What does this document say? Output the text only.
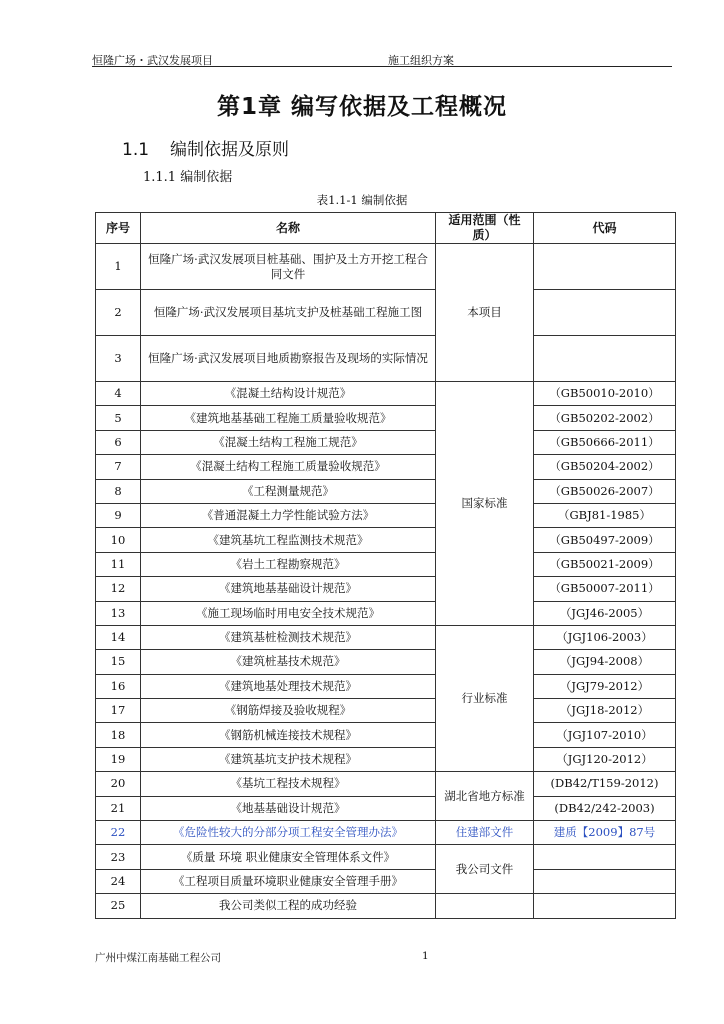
恒隆广场・武汉发展项目	施工组织方案
第1章 编写依据及工程概况
1.1 编制依据及原则
1.1.1 编制依据
表1.1-1 编制依据
序号	名称	适用范围（性质）	代码
1	恒隆广场·武汉发展项目桩基础、围护及土方开挖工程合同文件	本项目	
2	恒隆广场·武汉发展项目基坑支护及桩基础工程施工图		
3	恒隆广场·武汉发展项目地质勘察报告及现场的实际情况		
4	《混凝土结构设计规范》	国家标准	（GB50010-2010）
5	《建筑地基基础工程施工质量验收规范》		（GB50202-2002）
6	《混凝土结构工程施工规范》		（GB50666-2011）
7	《混凝土结构工程施工质量验收规范》		（GB50204-2002）
8	《工程测量规范》		（GB50026-2007）
9	《普通混凝土力学性能试验方法》		（GBJ81-1985）
10	《建筑基坑工程监测技术规范》		（GB50497-2009）
11	《岩土工程勘察规范》		（GB50021-2009）
12	《建筑地基基础设计规范》		（GB50007-2011）
13	《施工现场临时用电安全技术规范》		（JGJ46-2005）
14	《建筑基桩检测技术规范》	行业标准	（JGJ106-2003）
15	《建筑桩基技术规范》		（JGJ94-2008）
16	《建筑地基处理技术规范》		（JGJ79-2012）
17	《钢筋焊接及验收规程》		（JGJ18-2012）
18	《钢筋机械连接技术规程》		（JGJ107-2010）
19	《建筑基坑支护技术规程》		（JGJ120-2012）
20	《基坑工程技术规程》	湖北省地方标准	(DB42/T159-2012)
21	《地基基础设计规范》		(DB42/242-2003)
22	《危险性较大的分部分项工程安全管理办法》	住建部文件	建质【2009】87号
23	《质量 环境 职业健康安全管理体系文件》	我公司文件	
24	《工程项目质量环境职业健康安全管理手册》		
25	我公司类似工程的成功经验		
广州中煤江南基础工程公司	1
